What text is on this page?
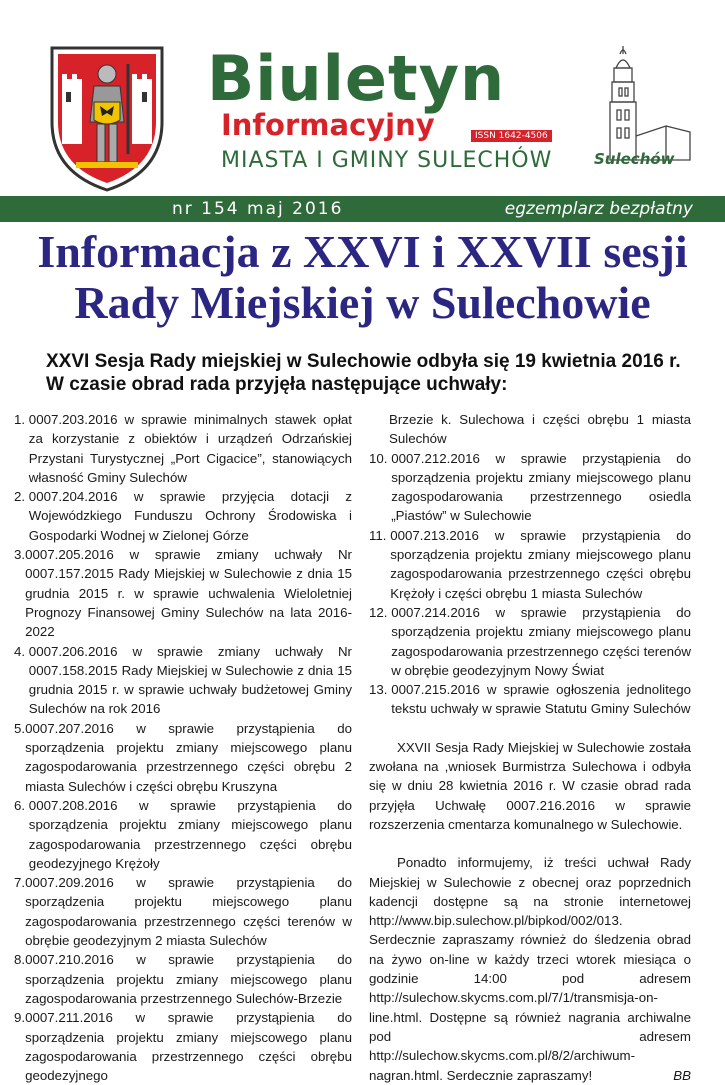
Biuletyn
Informacyjny	ISSN 1642-4506
MIASTA I GMINY SULECHÓW	Sulechów
nr 154 maj 2016	egzemplarz bezpłatny
Informacja z XXVI i XXVII sesji
Rady Miejskiej w Sulechowie
XXVI Sesja Rady miejskiej w Sulechowie odbyła się 19 kwietnia 2016 r.
W czasie obrad rada przyjęła następujące uchwały:
1. 0007.203.2016 w sprawie minimalnych stawek opłat za korzystanie z obiektów i urządzeń Odrzańskiej Przystani Turystycznej „Port Cigacice”, stanowiących własność Gminy Sulechów
2. 0007.204.2016 w sprawie przyjęcia dotacji z Wojewódzkiego Funduszu Ochrony Środowiska i Gospodarki Wodnej w Zielonej Górze
3. 0007.205.2016 w sprawie zmiany uchwały Nr 0007.157.2015 Rady Miejskiej w Sulechowie z dnia 15 grudnia 2015 r. w sprawie uchwalenia Wieloletniej Prognozy Finansowej Gminy Sulechów na lata 2016-2022
4. 0007.206.2016 w sprawie zmiany uchwały Nr 0007.158.2015 Rady Miejskiej w Sulechowie z dnia 15 grudnia 2015 r. w sprawie uchwały budżetowej Gminy Sulechów na rok 2016
5. 0007.207.2016 w sprawie przystąpienia do sporządzenia projektu zmiany miejscowego planu zagospodarowania przestrzennego części obrębu 2 miasta Sulechów i części obrębu Kruszyna
6. 0007.208.2016 w sprawie przystąpienia do sporządzenia projektu zmiany miejscowego planu zagospodarowania przestrzennego części obrębu geodezyjnego Krężoły
7. 0007.209.2016 w sprawie przystąpienia do sporządzenia projektu miejscowego planu zagospodarowania przestrzennego części terenów w obrębie geodezyjnym 2 miasta Sulechów
8. 0007.210.2016 w sprawie przystąpienia do sporządzenia projektu zmiany miejscowego planu zagospodarowania przestrzennego Sulechów-Brzezie
9. 0007.211.2016 w sprawie przystąpienia do sporządzenia projektu zmiany miejscowego planu zagospodarowania przestrzennego części obrębu geodezyjnego
Brzezie k. Sulechowa i części obrębu 1 miasta Sulechów
10. 0007.212.2016 w sprawie przystąpienia do sporządzenia projektu zmiany miejscowego planu zagospodarowania przestrzennego osiedla „Piastów” w Sulechowie
11. 0007.213.2016 w sprawie przystąpienia do sporządzenia projektu zmiany miejscowego planu zagospodarowania przestrzennego części obrębu Krężoły i części obrębu 1 miasta Sulechów
12. 0007.214.2016 w sprawie przystąpienia do sporządzenia projektu zmiany miejscowego planu zagospodarowania przestrzennego części terenów w obrębie geodezyjnym Nowy Świat
13. 0007.215.2016 w sprawie ogłoszenia jednolitego tekstu uchwały w sprawie Statutu Gminy Sulechów
XXVII Sesja Rady Miejskiej w Sulechowie została zwołana na ,wniosek Burmistrza Sulechowa i odbyła się w dniu 28 kwietnia 2016 r. W czasie obrad rada przyjęła Uchwałę 0007.216.2016 w sprawie rozszerzenia cmentarza komunalnego w Sulechowie.
Ponadto informujemy, iż treści uchwał Rady Miejskiej w Sulechowie z obecnej oraz poprzednich kadencji dostępne są na stronie internetowej http://www.bip.sulechow.pl/bipkod/002/013. Serdecznie zapraszamy również do śledzenia obrad na żywo on-line w każdy trzeci wtorek miesiąca o godzinie 14:00 pod adresem http://sulechow.skycms.com.pl/7/1/transmisja-on-line.html. Dostępne są również nagrania archiwalne pod adresem http://sulechow.skycms.com.pl/8/2/archiwum-nagran.html. Serdecznie zapraszamy!	BB
